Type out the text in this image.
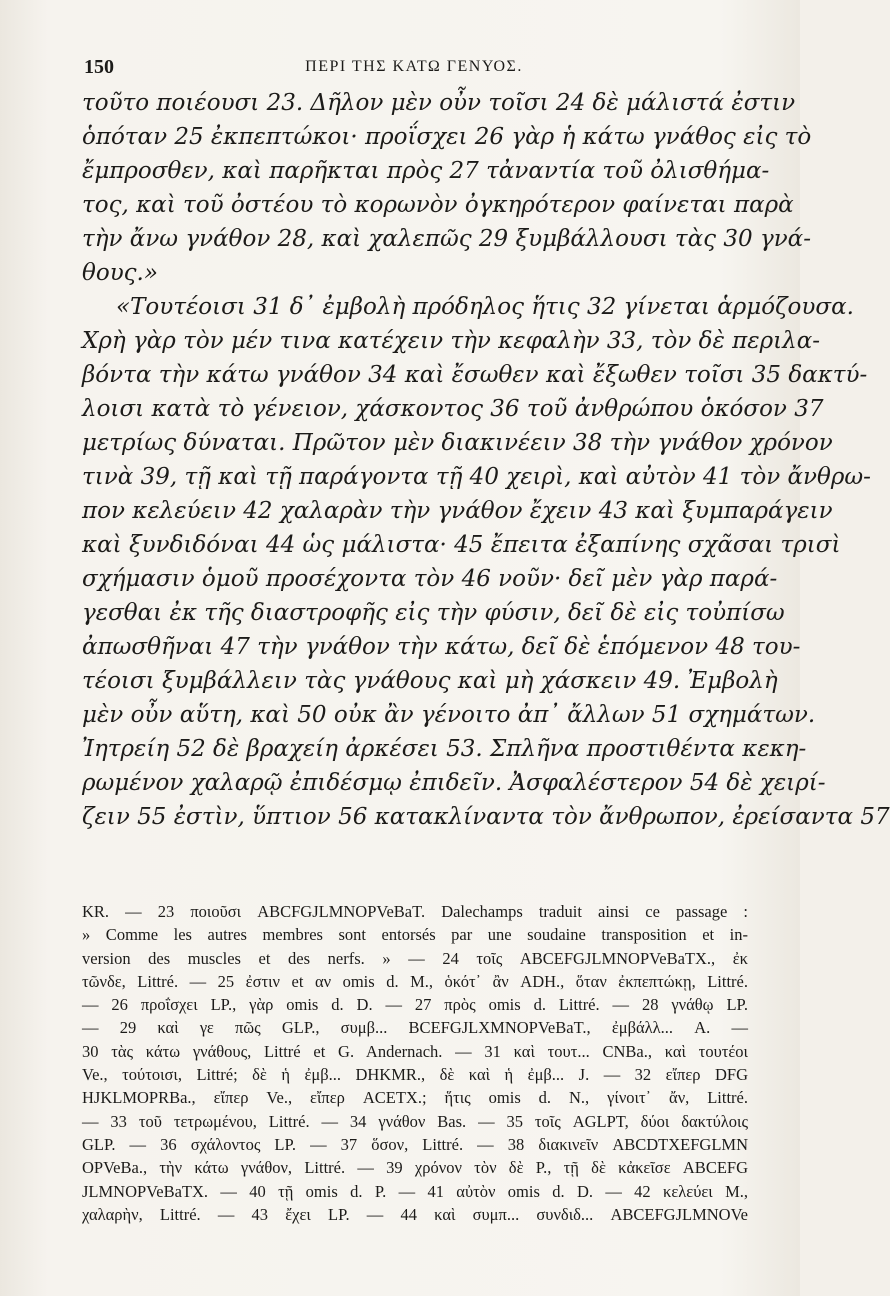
150	ΠΕΡΙ ΤΗΣ ΚΑΤΩ ΓΕΝΥΟΣ.
τοῦτο ποιέουσι 23. Δῆλον μὲν οὖν τοῖσι 24 δὲ μάλιστά ἐστιν
ὁπόταν 25 ἐκπεπτώκοι· προΐσχει 26 γὰρ ἡ κάτω γνάθος εἰς τὸ
ἔμπροσθεν, καὶ παρῆκται πρὸς 27 τἀναντία τοῦ ὀλισθήμα-
τος, καὶ τοῦ ὀστέου τὸ κορωνὸν ὀγκηρότερον φαίνεται παρὰ
τὴν ἄνω γνάθον 28, καὶ χαλεπῶς 29 ξυμβάλλουσι τὰς 30 γνά-
θους.»
«Τουτέοισι 31 δ᾽ ἐμβολὴ πρόδηλος ἥτις 32 γίνεται ἁρμόζουσα.
Χρὴ γὰρ τὸν μέν τινα κατέχειν τὴν κεφαλὴν 33, τὸν δὲ περιλα-
βόντα τὴν κάτω γνάθον 34 καὶ ἔσωθεν καὶ ἔξωθεν τοῖσι 35 δακτύ-
λοισι κατὰ τὸ γένειον, χάσκοντος 36 τοῦ ἀνθρώπου ὁκόσον 37
μετρίως δύναται. Πρῶτον μὲν διακινέειν 38 τὴν γνάθον χρόνον
τινὰ 39, τῇ καὶ τῇ παράγοντα τῇ 40 χειρὶ, καὶ αὐτὸν 41 τὸν ἄνθρω-
πον κελεύειν 42 χαλαρὰν τὴν γνάθον ἔχειν 43 καὶ ξυμπαράγειν
καὶ ξυνδιδόναι 44 ὡς μάλιστα· 45 ἔπειτα ἐξαπίνης σχᾶσαι τρισὶ
σχήμασιν ὁμοῦ προσέχοντα τὸν 46 νοῦν· δεῖ μὲν γὰρ παρά-
γεσθαι ἐκ τῆς διαστροφῆς εἰς τὴν φύσιν, δεῖ δὲ εἰς τοὐπίσω
ἀπωσθῆναι 47 τὴν γνάθον τὴν κάτω, δεῖ δὲ ἑπόμενον 48 του-
τέοισι ξυμβάλλειν τὰς γνάθους καὶ μὴ χάσκειν 49. Ἐμβολὴ
μὲν οὖν αὕτη, καὶ 50 οὐκ ἂν γένοιτο ἀπ᾽ ἄλλων 51 σχημάτων.
Ἰητρείη 52 δὲ βραχείη ἀρκέσει 53. Σπλῆνα προστιθέντα κεκη-
ρωμένον χαλαρῷ ἐπιδέσμῳ ἐπιδεῖν. Ἀσφαλέστερον 54 δὲ χειρί-
ζειν 55 ἐστὶν, ὕπτιον 56 κατακλίναντα τὸν ἄνθρωπον, ἐρείσαντα 57
KR. — 23 ποιοῦσι ABCFGJLMNOPVeBaT. Dalechamps traduit ainsi ce passage :
» Comme les autres membres sont entorsés par une soudaine transposition et in-
version des muscles et des nerfs. » — 24 τοῖς ABCEFGJLMNOPVeBaTX., ἐκ
τῶνδε, Littré. — 25 ἐστιν et αν omis d. M., ὁκότ᾽ ἂν ADH., ὅταν ἐκπεπτώκῃ, Littré.
— 26 προΐσχει LP., γὰρ omis d. D. — 27 πρὸς omis d. Littré. — 28 γνάθῳ LP.
— 29 καὶ γε πῶς GLP., συμβ... BCEFGJLXMNOPVeBaT., ἐμβάλλ... A. —
30 τὰς κάτω γνάθους, Littré et G. Andernach. — 31 καὶ τουτ... CNBa., καὶ τουτέοι
Ve., τούτοισι, Littré; δὲ ἡ ἐμβ... DHKMR., δὲ καὶ ἡ ἐμβ... J. — 32 εἴπερ DFG
HJKLMOPRBa., εἴπερ Ve., εἴπερ ACETX.; ἥτις omis d. N., γίνοιτ᾽ ἄν, Littré.
— 33 τοῦ τετρωμένου, Littré. — 34 γνάθον Bas. — 35 τοῖς AGLPT, δύοι δακτύλοις
GLP. — 36 σχάλοντος LP. — 37 ὅσον, Littré. — 38 διακινεῖν ABCDTXEFGLMN
OPVeBa., τὴν κάτω γνάθον, Littré. — 39 χρόνον τὸν δὲ P., τῇ δὲ κἀκεῖσε ABCEFG
JLMNOPVeBaTX. — 40 τῇ omis d. P. — 41 αὐτὸν omis d. D. — 42 κελεύει M.,
χαλαρὴν, Littré. — 43 ἔχει LP. — 44 καὶ συμπ... συνδιδ... ABCEFGJLMNOVe
